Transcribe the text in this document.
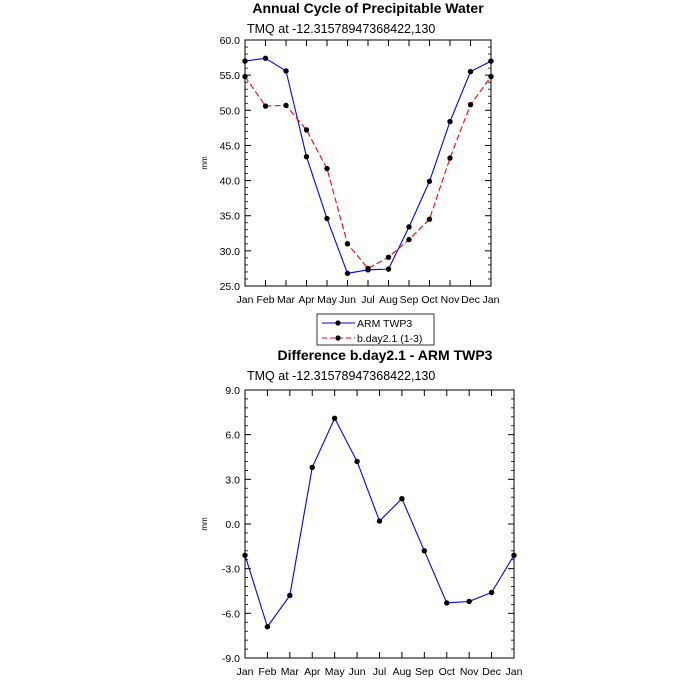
Annual Cycle of Precipitable Water
TMQ at -12.31578947368422,130
mm
25.0
30.0
35.0
40.0
45.0
50.0
55.0
60.0
Jan Feb Mar Apr May Jun Jul Aug Sep Oct Nov Dec Jan
ARM TWP3
b.day2.1 (1-3)
Difference b.day2.1 - ARM TWP3
TMQ at -12.31578947368422,130
mm
-9.0
-6.0
-3.0
0.0
3.0
6.0
9.0
Jan Feb Mar Apr May Jun Jul Aug Sep Oct Nov Dec Jan
